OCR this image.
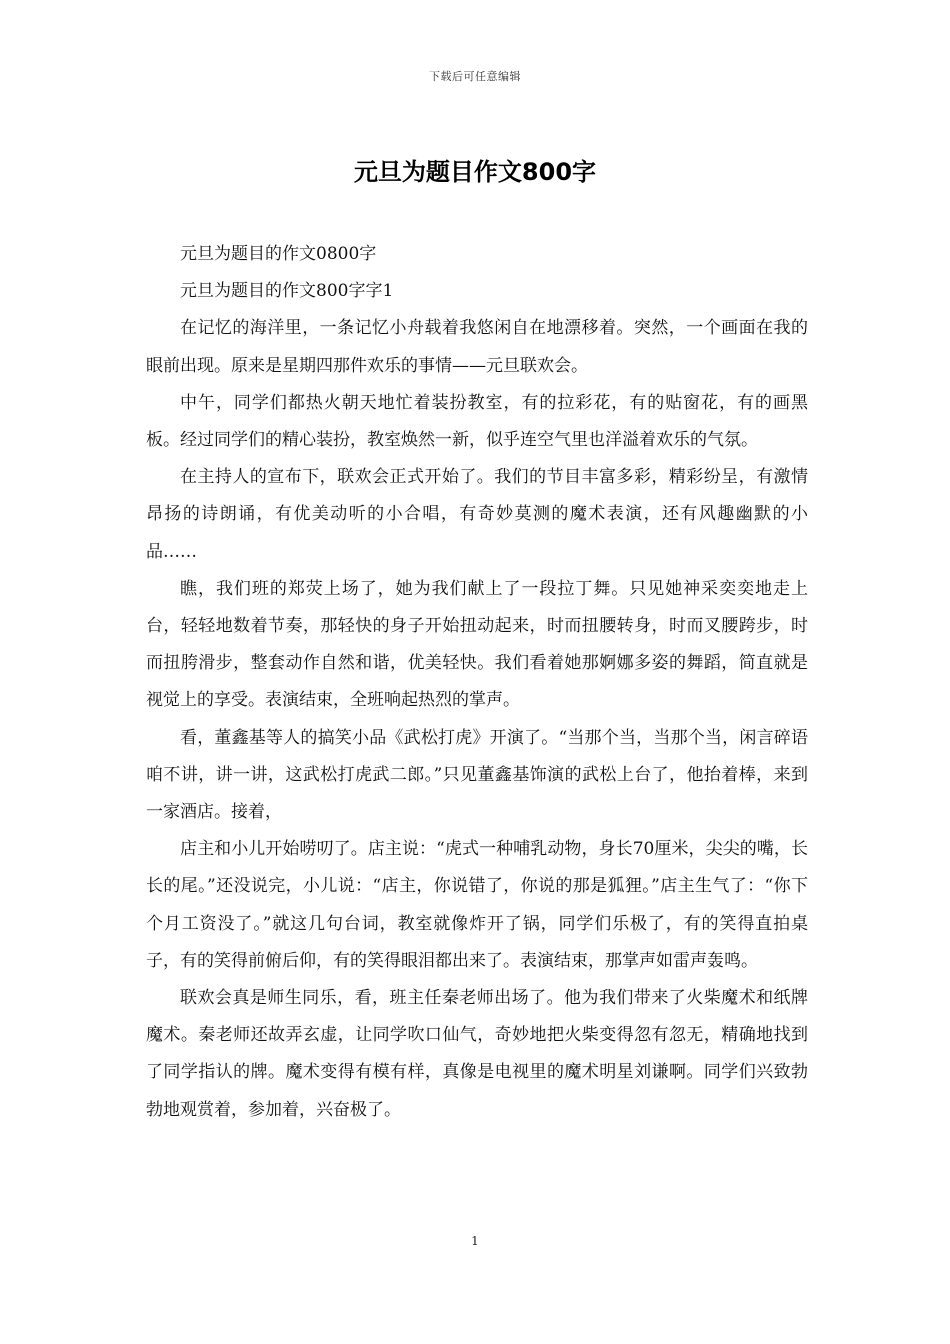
下载后可任意编辑
元旦为题目作文800字

元旦为题目的作文0800字

元旦为题目的作文800字字1

在记忆的海洋里，一条记忆小舟载着我悠闲自在地漂移着。突然，一个画面在我的眼前出现。原来是星期四那件欢乐的事情——元旦联欢会。

中午，同学们都热火朝天地忙着装扮教室，有的拉彩花，有的贴窗花，有的画黑板。经过同学们的精心装扮，教室焕然一新，似乎连空气里也洋溢着欢乐的气氛。

在主持人的宣布下，联欢会正式开始了。我们的节目丰富多彩，精彩纷呈，有激情昂扬的诗朗诵，有优美动听的小合唱，有奇妙莫测的魔术表演，还有风趣幽默的小品……

瞧，我们班的郑荧上场了，她为我们献上了一段拉丁舞。只见她神采奕奕地走上台，轻轻地数着节奏，那轻快的身子开始扭动起来，时而扭腰转身，时而叉腰跨步，时而扭胯滑步，整套动作自然和谐，优美轻快。我们看着她那婀娜多姿的舞蹈，简直就是视觉上的享受。表演结束，全班响起热烈的掌声。

看，董鑫基等人的搞笑小品《武松打虎》开演了。“当那个当，当那个当，闲言碎语咱不讲，讲一讲，这武松打虎武二郎。”只见董鑫基饰演的武松上台了，他抬着棒，来到一家酒店。接着，

店主和小儿开始唠叨了。店主说：“虎式一种哺乳动物，身长70厘米，尖尖的嘴，长长的尾。”还没说完，小儿说：“店主，你说错了，你说的那是狐狸。”店主生气了：“你下个月工资没了。”就这几句台词，教室就像炸开了锅，同学们乐极了，有的笑得直拍桌子，有的笑得前俯后仰，有的笑得眼泪都出来了。表演结束，那掌声如雷声轰鸣。

联欢会真是师生同乐，看，班主任秦老师出场了。他为我们带来了火柴魔术和纸牌魔术。秦老师还故弄玄虚，让同学吹口仙气，奇妙地把火柴变得忽有忽无，精确地找到了同学指认的牌。魔术变得有模有样，真像是电视里的魔术明星刘谦啊。同学们兴致勃勃地观赏着，参加着，兴奋极了。

1
